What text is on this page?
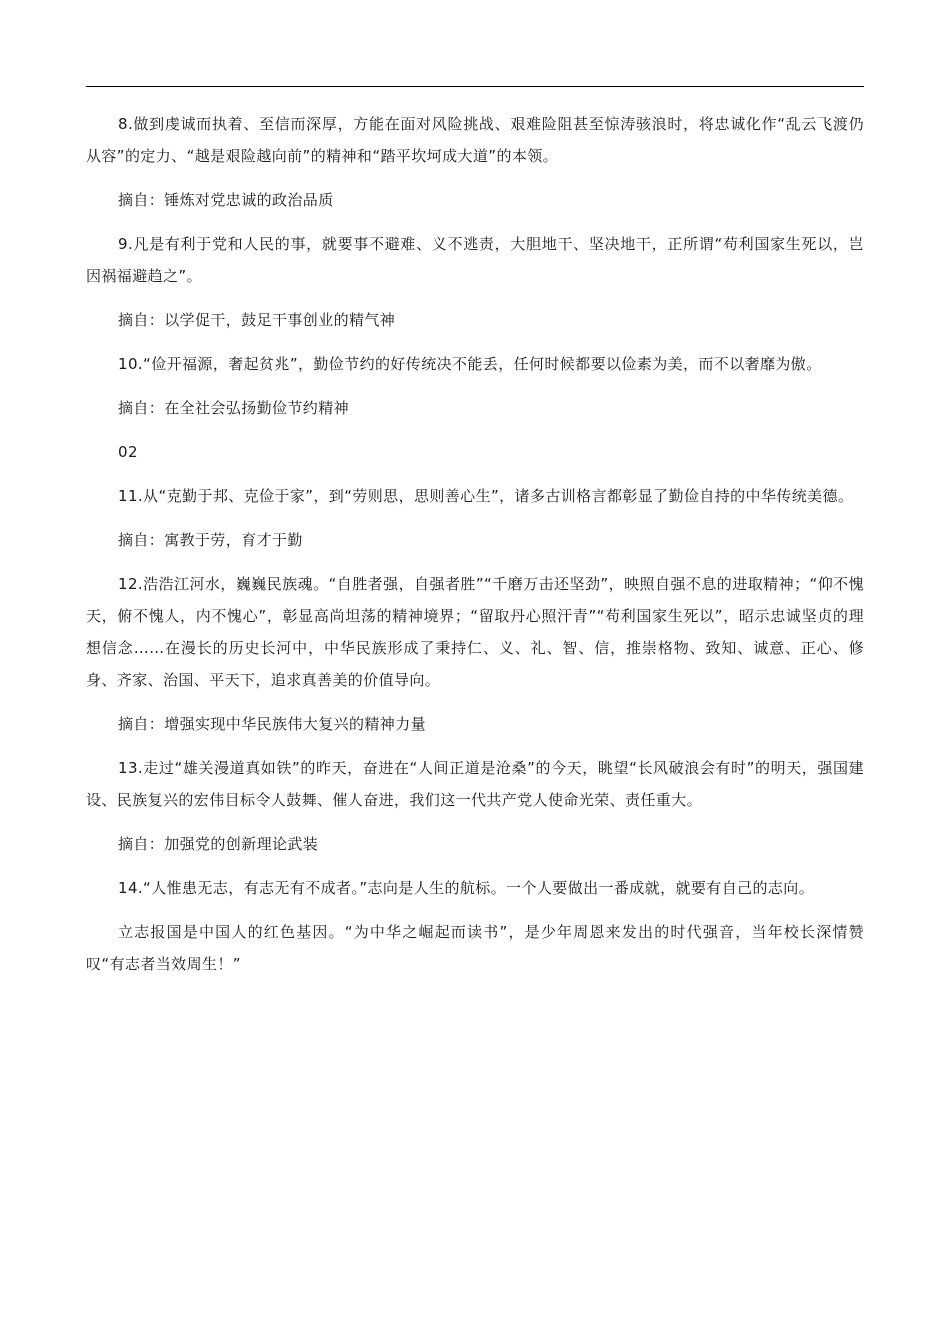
8.做到虔诚而执着、至信而深厚，方能在面对风险挑战、艰难险阻甚至惊涛骇浪时，将忠诚化作“乱云飞渡仍从容”的定力、“越是艰险越向前”的精神和“踏平坎坷成大道”的本领。

摘自：锤炼对党忠诚的政治品质

9.凡是有利于党和人民的事，就要事不避难、义不逃责，大胆地干、坚决地干，正所谓“苟利国家生死以，岂因祸福避趋之”。

摘自：以学促干，鼓足干事创业的精气神

10.“俭开福源，奢起贫兆”，勤俭节约的好传统决不能丢，任何时候都要以俭素为美，而不以奢靡为傲。

摘自：在全社会弘扬勤俭节约精神

02

11.从“克勤于邦、克俭于家”，到“劳则思，思则善心生”，诸多古训格言都彰显了勤俭自持的中华传统美德。

摘自：寓教于劳，育才于勤

12.浩浩江河水，巍巍民族魂。“自胜者强，自强者胜”“千磨万击还坚劲”，映照自强不息的进取精神；“仰不愧天，俯不愧人，内不愧心”，彰显高尚坦荡的精神境界；“留取丹心照汗青”“苟利国家生死以”，昭示忠诚坚贞的理想信念……在漫长的历史长河中，中华民族形成了秉持仁、义、礼、智、信，推崇格物、致知、诚意、正心、修身、齐家、治国、平天下，追求真善美的价值导向。

摘自：增强实现中华民族伟大复兴的精神力量

13.走过“雄关漫道真如铁”的昨天，奋进在“人间正道是沧桑”的今天，眺望“长风破浪会有时”的明天，强国建设、民族复兴的宏伟目标令人鼓舞、催人奋进，我们这一代共产党人使命光荣、责任重大。

摘自：加强党的创新理论武装

14.“人惟患无志，有志无有不成者。”志向是人生的航标。一个人要做出一番成就，就要有自己的志向。

立志报国是中国人的红色基因。“为中华之崛起而读书”，是少年周恩来发出的时代强音，当年校长深情赞叹“有志者当效周生！”
